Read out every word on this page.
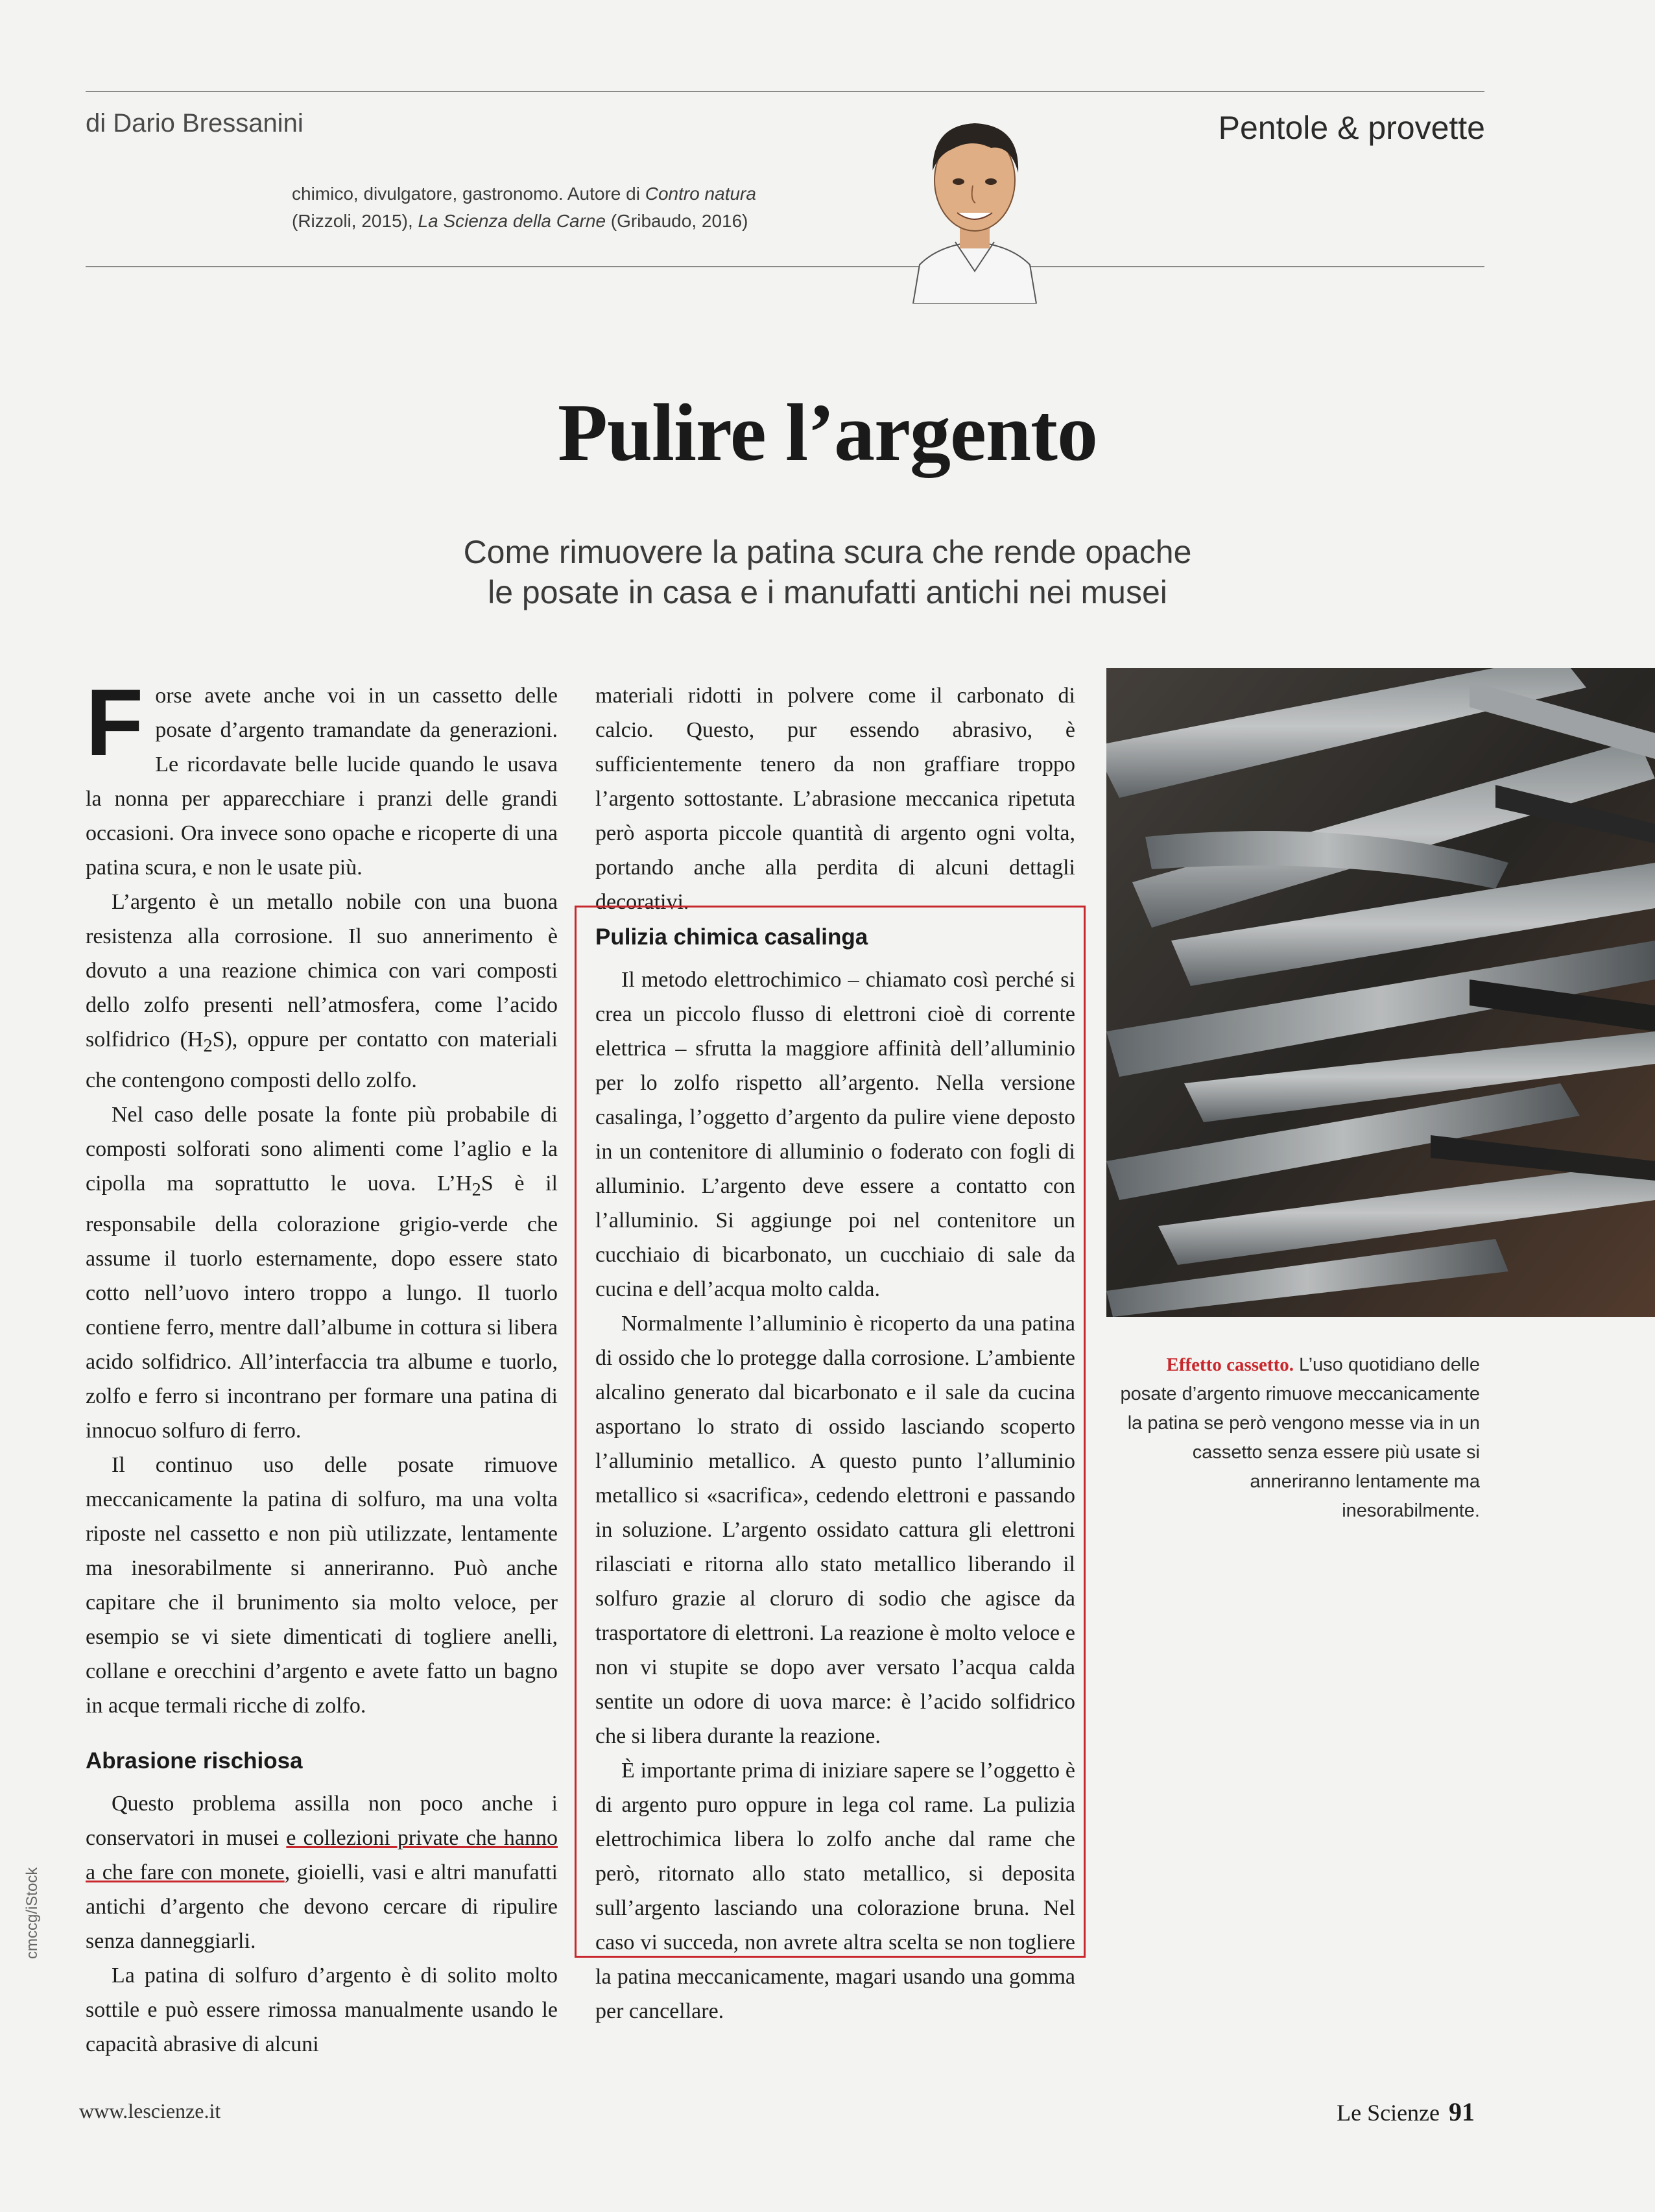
di Dario Bressanini	Pentole & provette
chimico, divulgatore, gastronomo. Autore di Contro natura
(Rizzoli, 2015), La Scienza della Carne (Gribaudo, 2016)
Pulire l’argento
Come rimuovere la patina scura che rende opache
le posate in casa e i manufatti antichi nei musei

Forse avete anche voi in un cassetto delle posate d’argento tramandate da generazioni. Le ricordavate belle lucide quando le usava la nonna per apparecchiare i pranzi delle grandi occasioni. Ora invece sono opache e ricoperte di una patina scura, e non le usate più.

L’argento è un metallo nobile con una buona resistenza alla corrosione. Il suo annerimento è dovuto a una reazione chimica con vari composti dello zolfo presenti nell’atmosfera, come l’acido solfidrico $(H_2S)$, oppure per contatto con materiali che contengono composti dello zolfo.

Nel caso delle posate la fonte più probabile di composti solforati sono alimenti come l’aglio e la cipolla ma soprattutto le uova. $L’H_2S$ è il responsabile della colorazione grigio-verde che assume il tuorlo esternamente, dopo essere stato cotto nell’uovo intero troppo a lungo. Il tuorlo contiene ferro, mentre dall’albume in cottura si libera acido solfidrico. All’interfaccia tra albume e tuorlo, zolfo e ferro si incontrano per formare una patina di innocuo solfuro di ferro.

Il continuo uso delle posate rimuove meccanicamente la patina di solfuro, ma una volta riposte nel cassetto e non più utilizzate, lentamente ma inesorabilmente si anneriranno. Può anche capitare che il brunimento sia molto veloce, per esempio se vi siete dimenticati di togliere anelli, collane e orecchini d’argento e avete fatto un bagno in acque termali ricche di zolfo.

Abrasione rischiosa

Questo problema assilla non poco anche i conservatori in musei e collezioni private che hanno a che fare con monete, gioielli, vasi e altri manufatti antichi d’argento che devono cercare di ripulire senza danneggiarli.

La patina di solfuro d’argento è di solito molto sottile e può essere rimossa manualmente usando le capacità abrasive di alcuni

materiali ridotti in polvere come il carbonato di calcio. Questo, pur essendo abrasivo, è sufficientemente tenero da non graffiare troppo l’argento sottostante. L’abrasione meccanica ripetuta però asporta piccole quantità di argento ogni volta, portando anche alla perdita di alcuni dettagli decorativi.

Pulizia chimica casalinga

Il metodo elettrochimico – chiamato così perché si crea un piccolo flusso di elettroni cioè di corrente elettrica – sfrutta la maggiore affinità dell’alluminio per lo zolfo rispetto all’argento. Nella versione casalinga, l’oggetto d’argento da pulire viene deposto in un contenitore di alluminio o foderato con fogli di alluminio. L’argento deve essere a contatto con l’alluminio. Si aggiunge poi nel contenitore un cucchiaio di bicarbonato, un cucchiaio di sale da cucina e dell’acqua molto calda.

Normalmente l’alluminio è ricoperto da una patina di ossido che lo protegge dalla corrosione. L’ambiente alcalino generato dal bicarbonato e il sale da cucina asportano lo strato di ossido lasciando scoperto l’alluminio metallico. A questo punto l’alluminio metallico si «sacrifica», cedendo elettroni e passando in soluzione. L’argento ossidato cattura gli elettroni rilasciati e ritorna allo stato metallico liberando il solfuro grazie al cloruro di sodio che agisce da trasportatore di elettroni. La reazione è molto veloce e non vi stupite se dopo aver versato l’acqua calda sentite un odore di uova marce: è l’acido solfidrico che si libera durante la reazione.

È importante prima di iniziare sapere se l’oggetto è di argento puro oppure in lega col rame. La pulizia elettrochimica libera lo zolfo anche dal rame che però, ritornato allo stato metallico, si deposita sull’argento lasciando una colorazione bruna. Nel caso vi succeda, non avrete altra scelta se non togliere la patina meccanicamente, magari usando una gomma per cancellare.

Effetto cassetto. L’uso quotidiano delle posate d’argento rimuove meccanicamente la patina se però vengono messe via in un cassetto senza essere più usate si anneriranno lentamente ma inesorabilmente.
cmccg/iStock
www.lescienze.it	Le Scienze 91
